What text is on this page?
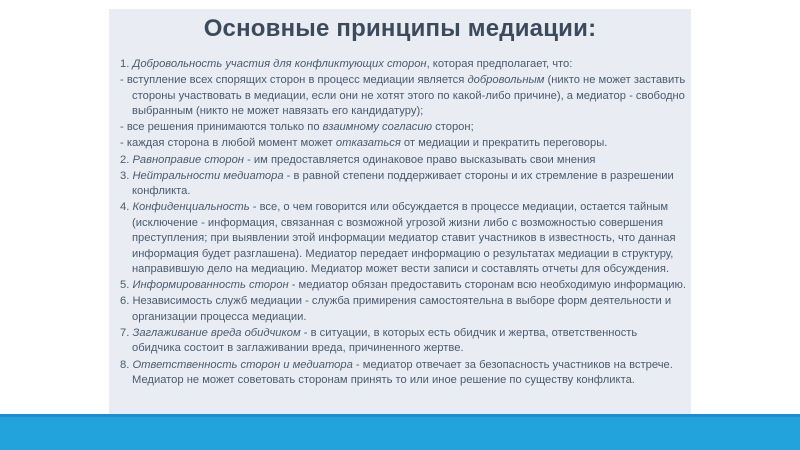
Основные принципы медиации:

1. Добровольность участия для конфликтующих сторон, которая предполагает, что:

- вступление всех спорящих сторон в процесс медиации является добровольным (никто не может заставить стороны участвовать в медиации, если они не хотят этого по какой-либо причине), а медиатор - свободно выбранным (никто не может навязать его кандидатуру);

- все решения принимаются только по взаимному согласию сторон;

- каждая сторона в любой момент может отказаться от медиации и прекратить переговоры.

2. Равноправие сторон - им предоставляется одинаковое право высказывать свои мнения

3. Нейтральности медиатора - в равной степени поддерживает стороны и их стремление в разрешении конфликта.

4. Конфиденциальность - все, о чем говорится или обсуждается в процессе медиации, остается тайным (исключение - информация, связанная с возможной угрозой жизни либо с возможностью совершения преступления; при выявлении этой информации медиатор ставит участников в известность, что данная информация будет разглашена). Медиатор передает информацию о результатах медиации в структуру, направившую дело на медиацию. Медиатор может вести записи и составлять отчеты для обсуждения.

5. Информированность сторон - медиатор обязан предоставить сторонам всю необходимую информацию.

6. Независимость служб медиации - служба примирения самостоятельна в выборе форм деятельности и организации процесса медиации.

7. Заглаживание вреда обидчиком - в ситуации, в которых есть обидчик и жертва, ответственность обидчика состоит в заглаживании вреда, причиненного жертве.

8. Ответственность сторон и медиатора - медиатор отвечает за безопасность участников на встрече. Медиатор не может советовать сторонам принять то или иное решение по существу конфликта.
